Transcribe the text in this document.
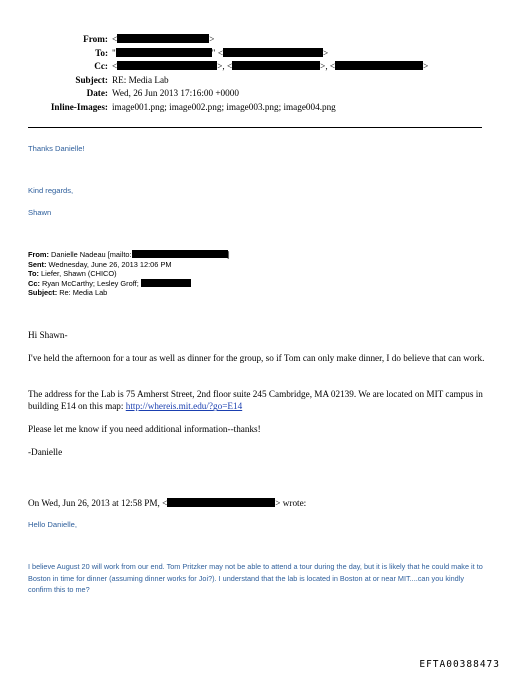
From: <	>
To: "	" <	>
Cc: <	>, <	>, <	>
Subject: RE: Media Lab
Date: Wed, 26 Jun 2013 17:16:00 +0000
Inline-Images: image001.png; image002.png; image003.png; image004.png
Thanks Danielle!
Kind regards,
Shawn
From: Danielle Nadeau [mailto:	]
Sent: Wednesday, June 26, 2013 12:06 PM
To: Liefer, Shawn (CHICO)
Cc: Ryan McCarthy; Lesley Groff;
Subject: Re: Media Lab
Hi Shawn-
I've held the afternoon for a tour as well as dinner for the group, so if Tom can only make dinner, I do believe that can work.
The address for the Lab is 75 Amherst Street, 2nd floor suite 245 Cambridge, MA 02139. We are located on MIT campus in building E14 on this map: http://whereis.mit.edu/?go=E14
Please let me know if you need additional information--thanks!
-Danielle
On Wed, Jun 26, 2013 at 12:58 PM, <	> wrote:
Hello Danielle,
I believe August 20 will work from our end. Tom Pritzker may not be able to attend a tour during the day, but it is likely that he could make it to Boston in time for dinner (assuming dinner works for Joi?). I understand that the lab is located in Boston at or near MIT....can you kindly confirm this to me?
EFTA00388473
